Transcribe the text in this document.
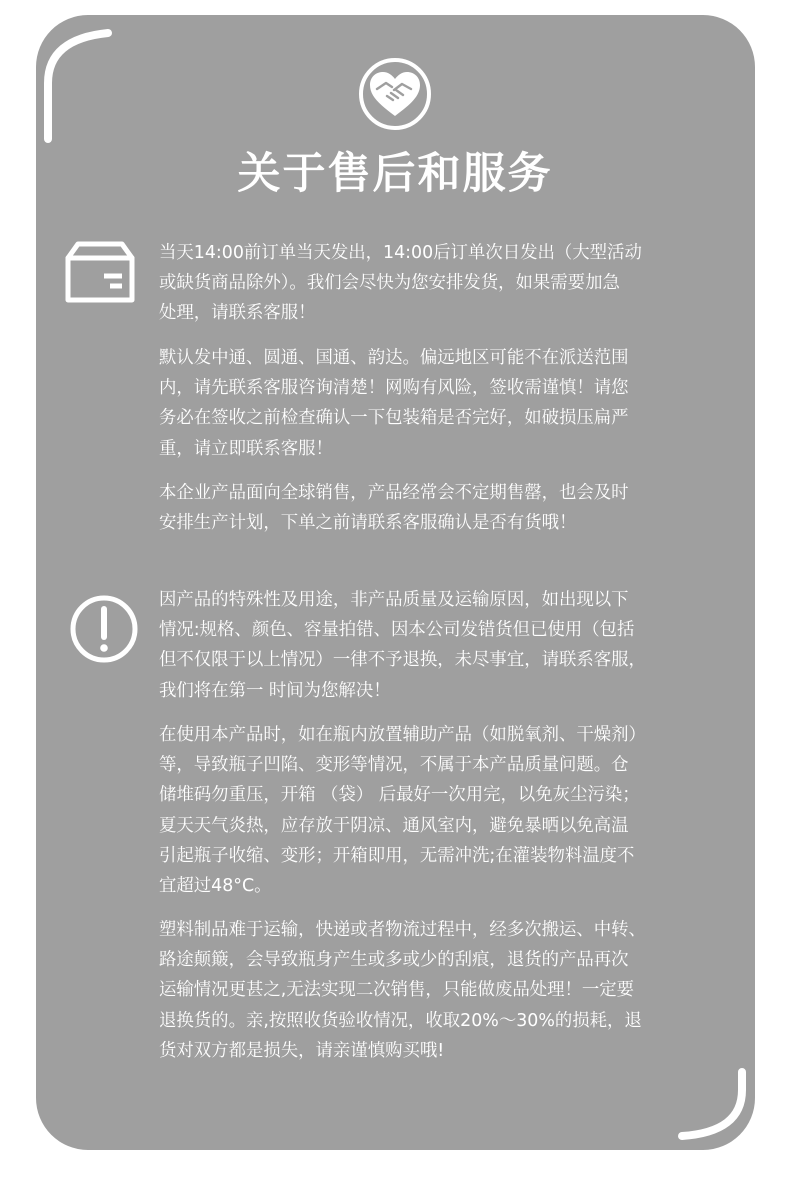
关于售后和服务

当天14:00前订单当天发出，14:00后订单次日发出（大型活动
或缺货商品除外）。我们会尽快为您安排发货，如果需要加急
处理，请联系客服！

默认发中通、圆通、国通、韵达。偏远地区可能不在派送范围
内，请先联系客服咨询清楚！网购有风险，签收需谨慎！请您
务必在签收之前检查确认一下包装箱是否完好，如破损压扁严
重，请立即联系客服！

本企业产品面向全球销售，产品经常会不定期售罄，也会及时
安排生产计划，下单之前请联系客服确认是否有货哦！

因产品的特殊性及用途，非产品质量及运输原因，如出现以下
情况:规格、颜色、容量拍错、因本公司发错货但已使用（包括
但不仅限于以上情况）一律不予退换，未尽事宜，请联系客服，
我们将在第一 时间为您解决！

在使用本产品时，如在瓶内放置辅助产品（如脱氧剂、干燥剂）
等，导致瓶子凹陷、变形等情况，不属于本产品质量问题。仓
储堆码勿重压，开箱 （袋） 后最好一次用完，以免灰尘污染；
夏天天气炎热，应存放于阴凉、通风室内，避免暴晒以免高温
引起瓶子收缩、变形；开箱即用，无需冲洗;在灌装物料温度不
宜超过48°C。

塑料制品难于运输，快递或者物流过程中，经多次搬运、中转、
路途颠簸，会导致瓶身产生或多或少的刮痕，退货的产品再次
运输情况更甚之,无法实现二次销售，只能做废品处理！一定要
退换货的。亲,按照收货验收情况，收取20%～30%的损耗，退
货对双方都是损失，请亲谨慎购买哦!
